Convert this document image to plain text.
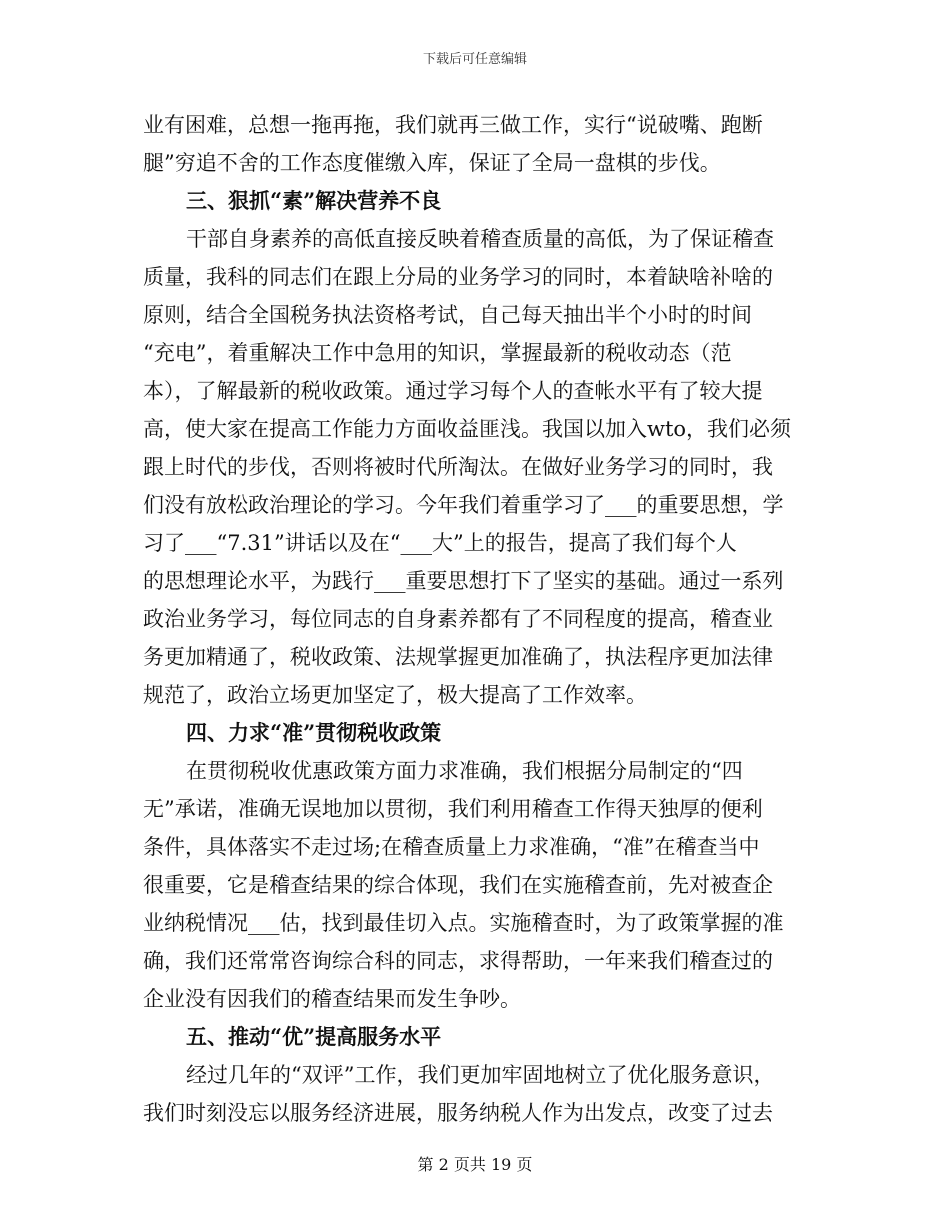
下载后可任意编辑
业有困难，总想一拖再拖，我们就再三做工作，实行“说破嘴、跑断
腿”穷追不舍的工作态度催缴入库，保证了全局一盘棋的步伐。
三、狠抓“素”解决营养不良
干部自身素养的高低直接反映着稽查质量的高低，为了保证稽查
质量，我科的同志们在跟上分局的业务学习的同时，本着缺啥补啥的
原则，结合全国税务执法资格考试，自己每天抽出半个小时的时间
“充电”，着重解决工作中急用的知识，掌握最新的税收动态（范
本），了解最新的税收政策。通过学习每个人的查帐水平有了较大提
高，使大家在提高工作能力方面收益匪浅。我国以加入wto，我们必须
跟上时代的步伐，否则将被时代所淘汰。在做好业务学习的同时，我
们没有放松政治理论的学习。今年我们着重学习了___的重要思想，学
习了___“7.31”讲话以及在“___大”上的报告，提高了我们每个人
的思想理论水平，为践行___重要思想打下了坚实的基础。通过一系列
政治业务学习，每位同志的自身素养都有了不同程度的提高，稽查业
务更加精通了，税收政策、法规掌握更加准确了，执法程序更加法律
规范了，政治立场更加坚定了，极大提高了工作效率。
四、力求“准”贯彻税收政策
在贯彻税收优惠政策方面力求准确，我们根据分局制定的“四
无”承诺，准确无误地加以贯彻，我们利用稽查工作得天独厚的便利
条件，具体落实不走过场;在稽查质量上力求准确，“准”在稽查当中
很重要，它是稽查结果的综合体现，我们在实施稽查前，先对被查企
业纳税情况___估，找到最佳切入点。实施稽查时，为了政策掌握的准
确，我们还常常咨询综合科的同志，求得帮助，一年来我们稽查过的
企业没有因我们的稽查结果而发生争吵。
五、推动“优”提高服务水平
经过几年的“双评”工作，我们更加牢固地树立了优化服务意识，
我们时刻没忘以服务经济进展，服务纳税人作为出发点，改变了过去
第 2 页共 19 页
